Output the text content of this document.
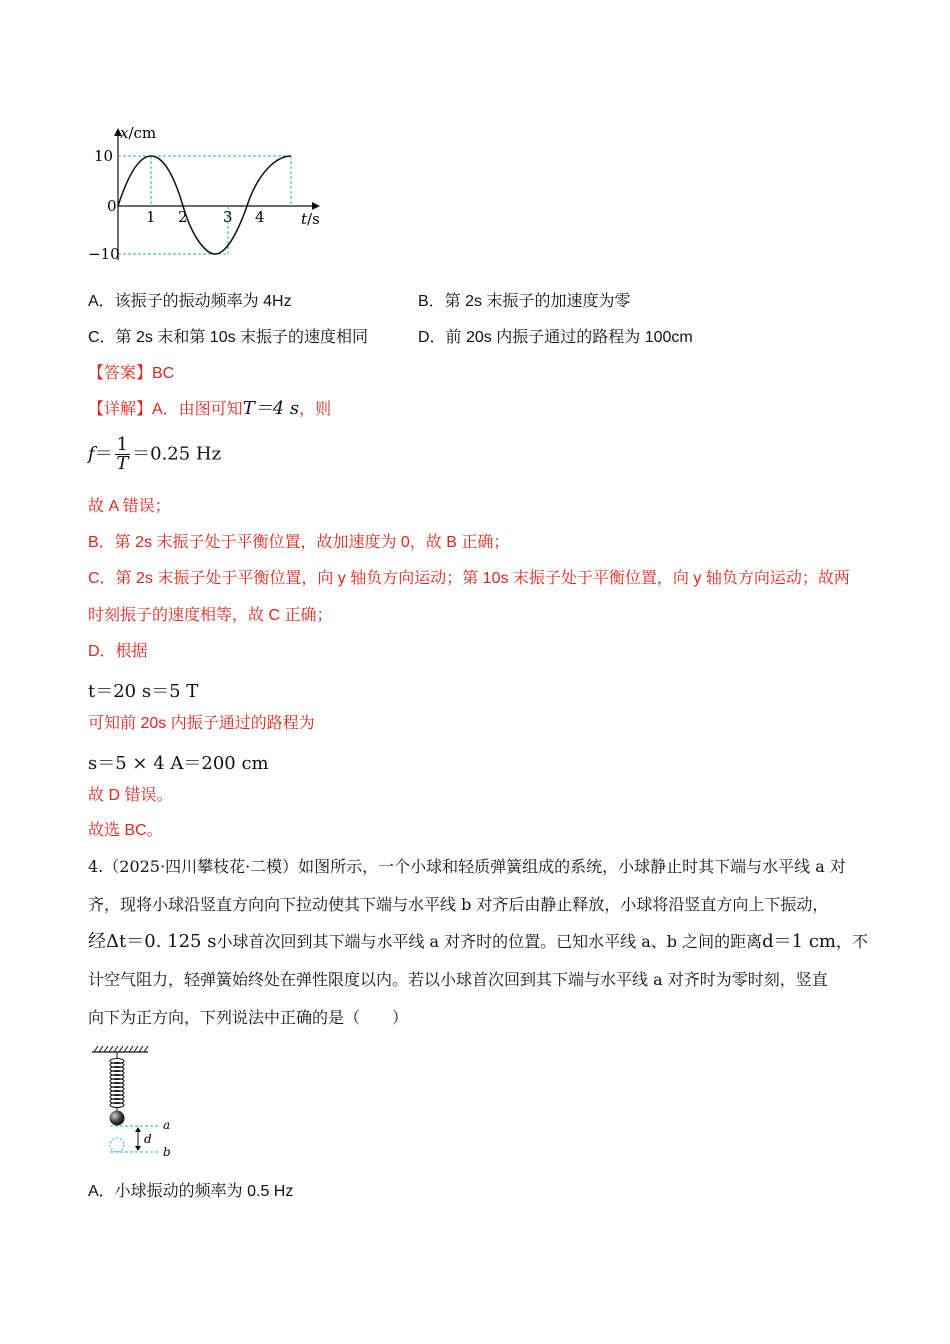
x/cm
t/s
10
0
−10
1 2 3 4
A．该振子的振动频率为 4Hz	B．第 2s 末振子的加速度为零
C．第 2s 末和第 10s 末振子的速度相同	D．前 20s 内振子通过的路程为 100cm
【答案】BC
【详解】A．由图可知T＝4 s，则
$f= \frac{1}{T} =0.25$ Hz
故 A 错误；
B．第 2s 末振子处于平衡位置，故加速度为 0，故 B 正确；
C．第 2s 末振子处于平衡位置，向 y 轴负方向运动；第 10s 末振子处于平衡位置，向 y 轴负方向运动；故两
时刻振子的速度相等，故 C 正确；
D．根据
t＝20 s＝5 T
可知前 20s 内振子通过的路程为
s＝5 × 4 A＝200 cm
故 D 错误。
故选 BC。
4.（2025·四川攀枝花·二模）如图所示，一个小球和轻质弹簧组成的系统，小球静止时其下端与水平线 a 对
齐，现将小球沿竖直方向向下拉动使其下端与水平线 b 对齐后由静止释放，小球将沿竖直方向上下振动，
经Δt＝0. 125 s小球首次回到其下端与水平线 a 对齐时的位置。已知水平线 a、b 之间的距离d＝1 cm，不
计空气阻力，轻弹簧始终处在弹性限度以内。若以小球首次回到其下端与水平线 a 对齐时为零时刻，竖直
向下为正方向，下列说法中正确的是（　　）
d
a
b
A．小球振动的频率为 0.5 Hz
